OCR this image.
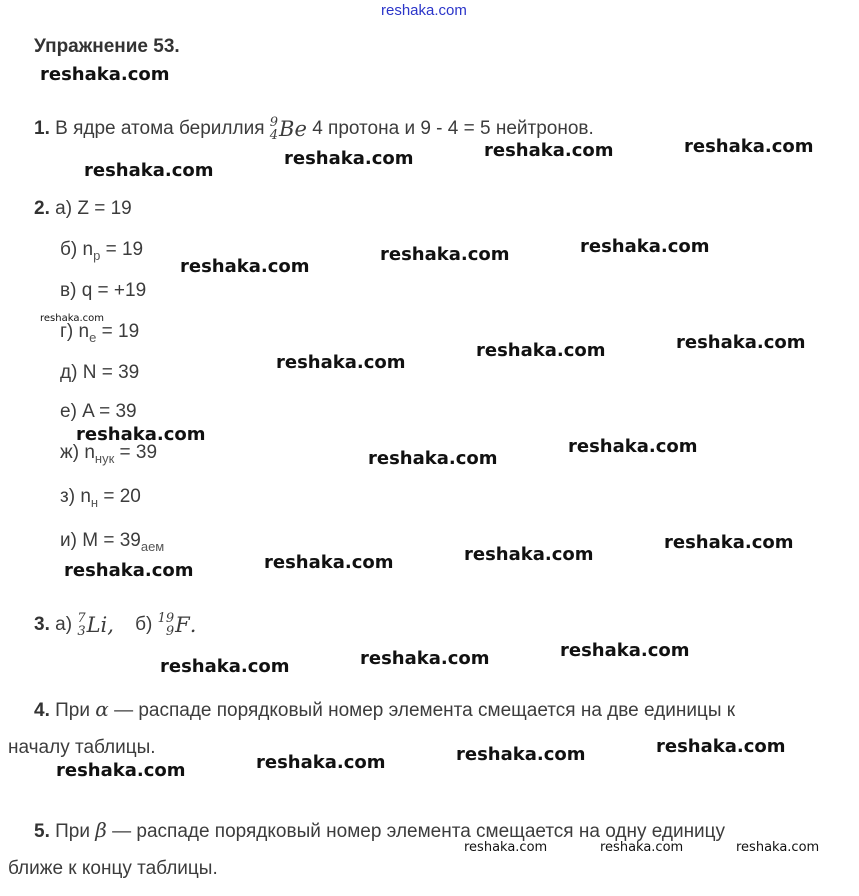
reshaka.com
Упражнение 53.
1. В ядре атома бериллия 9
4 Be 4 протона и 9 - 4 = 5 нейтронов.
2. а) Z = 19
б) $n_p = 19$
в) q = +19
г) $n_e = 19$
д) N = 39
е) A = 39
ж) $n_{нук} = 39$
з) $n_н = 20$
и) $M = 39_{аем}$
3. а) 7
3 Li, б) 19
9 F.
4. При α — распаде порядковый номер элемента смещается на две единицы к
началу таблицы.
5. При β — распаде порядковый номер элемента смещается на одну единицу
ближе к концу таблицы.
reshaka.com
reshaka.com
reshaka.com	reshaka.com	reshaka.com
reshaka.com
reshaka.com	reshaka.com
reshaka.com
reshaka.com
reshaka.com	reshaka.com
reshaka.com
reshaka.com
reshaka.com
reshaka.com	reshaka.com	reshaka.com
reshaka.com
reshaka.com	reshaka.com	reshaka.com
reshaka.com	reshaka.com	reshaka.com	reshaka.com
reshaka.com	reshaka.com	reshaka.com
